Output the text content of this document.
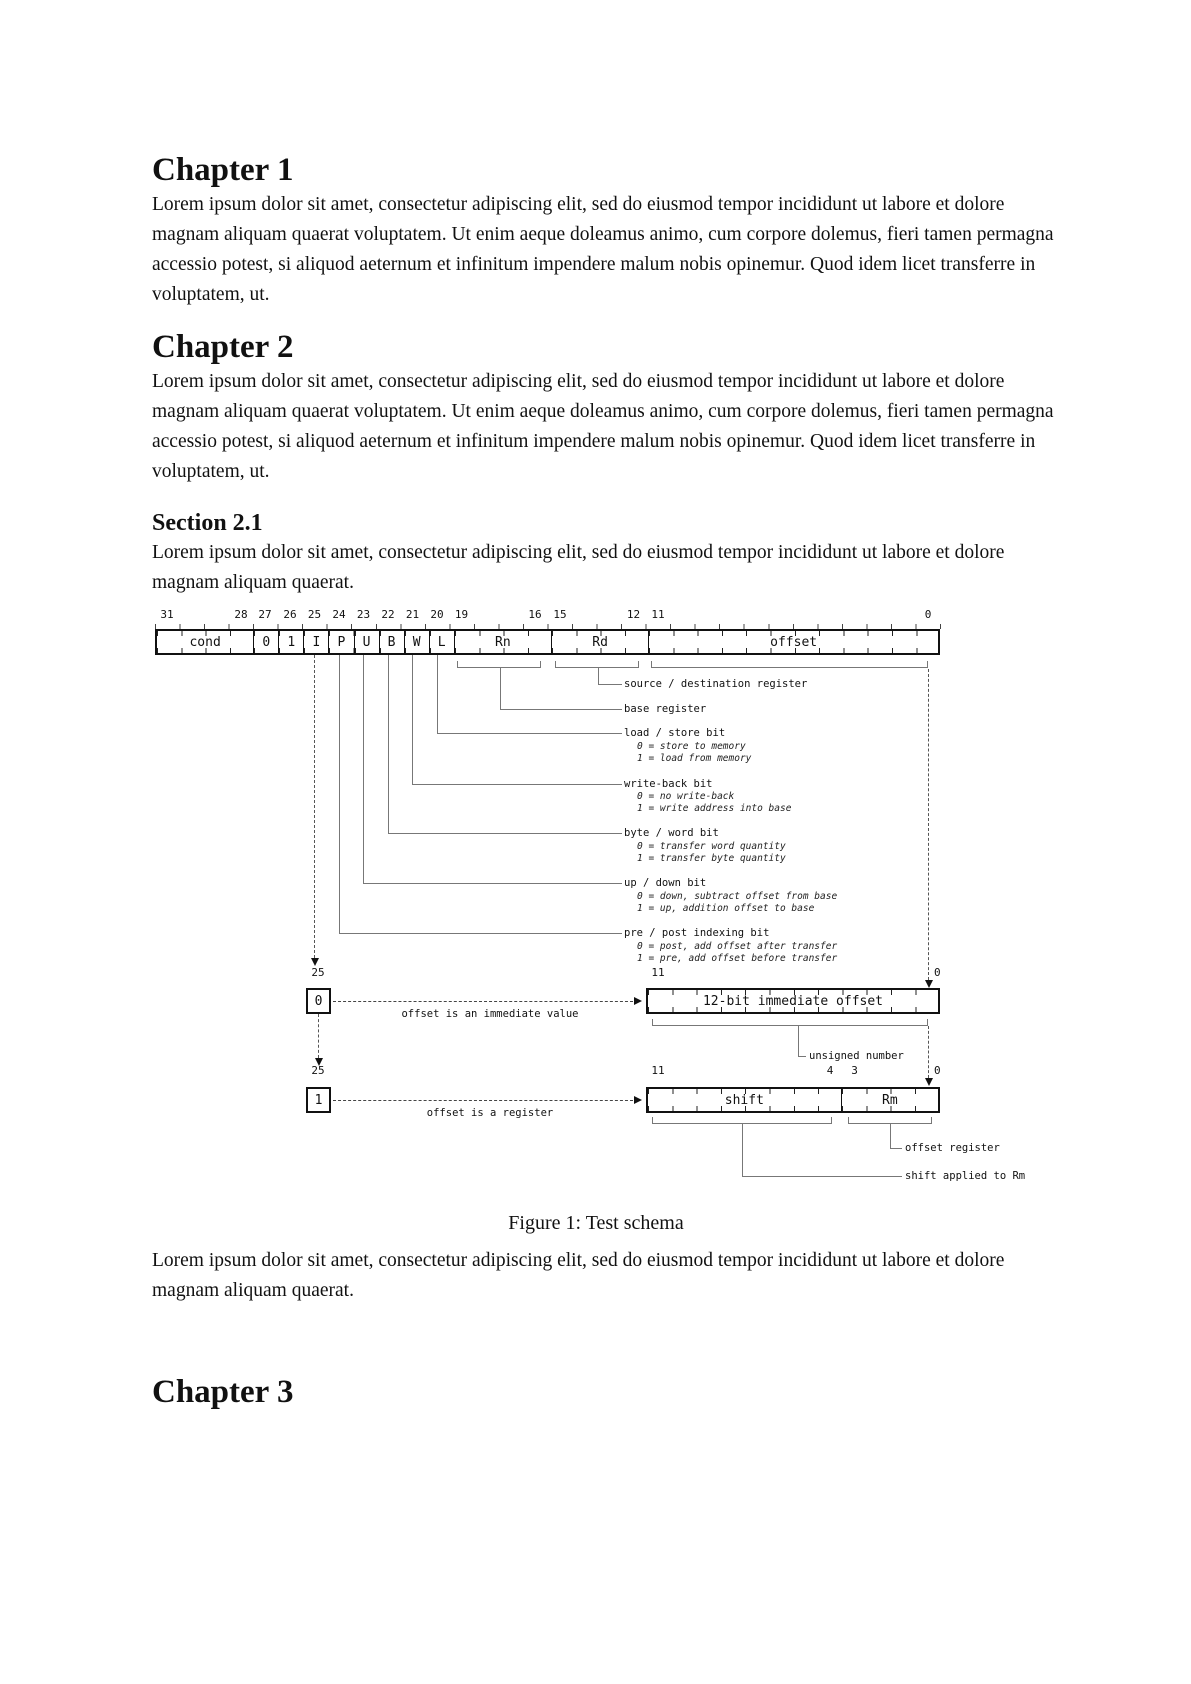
Chapter 1

Lorem ipsum dolor sit amet, consectetur adipiscing elit, sed do eiusmod tempor incididunt ut labore et dolore magnam aliquam quaerat voluptatem. Ut enim aeque doleamus animo, cum corpore dolemus, fieri tamen permagna accessio potest, si aliquod aeternum et infinitum impendere malum nobis opinemur. Quod idem licet transferre in voluptatem, ut.

Chapter 2

Lorem ipsum dolor sit amet, consectetur adipiscing elit, sed do eiusmod tempor incididunt ut labore et dolore magnam aliquam quaerat voluptatem. Ut enim aeque doleamus animo, cum corpore dolemus, fieri tamen permagna accessio potest, si aliquod aeternum et infinitum impendere malum nobis opinemur. Quod idem licet transferre in voluptatem, ut.

Section 2.1

Lorem ipsum dolor sit amet, consectetur adipiscing elit, sed do eiusmod tempor incididunt ut labore et dolore magnam aliquam quaerat.

31	28 27 26 25 24 23 22 21 20 19	16 15	12 11	0
cond	0	1	I	P	U	B	W	L	Rn	Rd	offset
source / destination register
base register
load / store bit
0 = store to memory
1 = load from memory
write-back bit
0 = no write-back
1 = write address into base
byte / word bit
0 = transfer word quantity
1 = transfer byte quantity
up / down bit
0 = down, subtract offset from base
1 = up, addition offset to base
pre / post indexing bit
0 = post, add offset after transfer
1 = pre, add offset before transfer
25	11	0
0
offset is an immediate value
12-bit immediate offset
unsigned number
25	11	4 3	0
1
offset is a register
shift	Rm
offset register
shift applied to Rm

Figure 1: Test schema

Lorem ipsum dolor sit amet, consectetur adipiscing elit, sed do eiusmod tempor incididunt ut labore et dolore magnam aliquam quaerat.

Chapter 3
